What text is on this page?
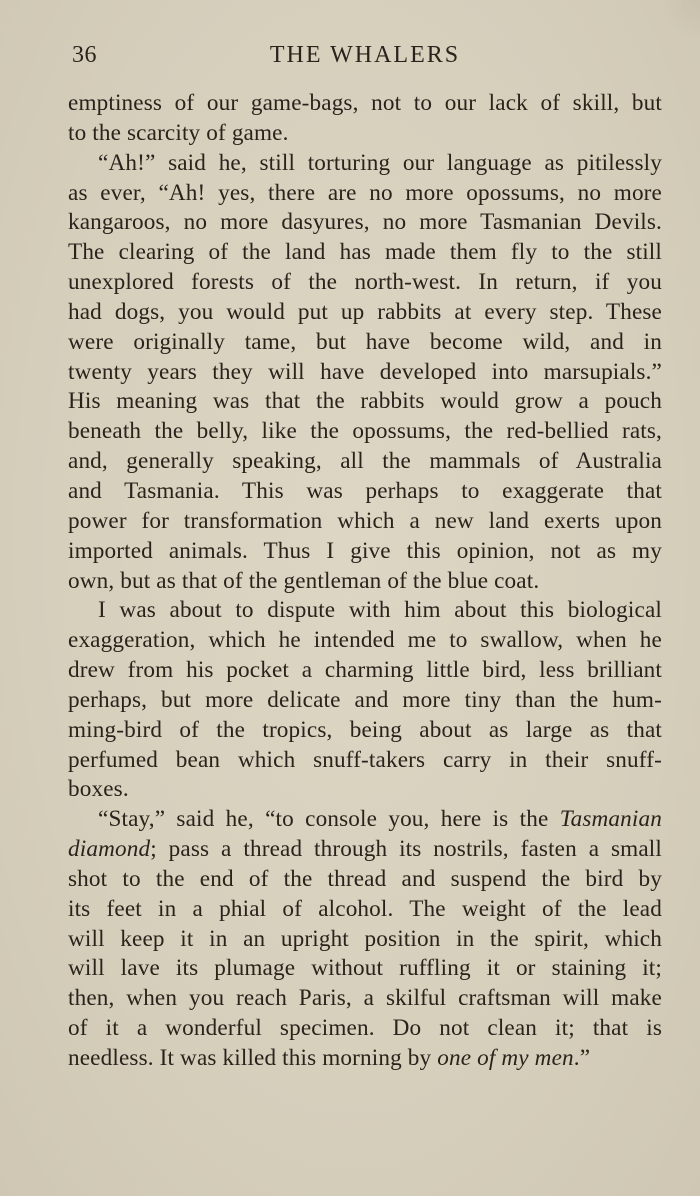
36	THE WHALERS

emptiness of our game-bags, not to our lack of skill, but

to the scarcity of game.

“Ah!” said he, still torturing our language as pitilessly

as ever, “Ah! yes, there are no more opossums, no more

kangaroos, no more dasyures, no more Tasmanian Devils.

The clearing of the land has made them fly to the still

unexplored forests of the north-west. In return, if you

had dogs, you would put up rabbits at every step. These

were originally tame, but have become wild, and in

twenty years they will have developed into marsupials.”

His meaning was that the rabbits would grow a pouch

beneath the belly, like the opossums, the red-bellied rats,

and, generally speaking, all the mammals of Australia

and Tasmania. This was perhaps to exaggerate that

power for transformation which a new land exerts upon

imported animals. Thus I give this opinion, not as my

own, but as that of the gentleman of the blue coat.

I was about to dispute with him about this biological

exaggeration, which he intended me to swallow, when he

drew from his pocket a charming little bird, less brilliant

perhaps, but more delicate and more tiny than the hum-

ming-bird of the tropics, being about as large as that

perfumed bean which snuff-takers carry in their snuff-

boxes.

“Stay,” said he, “to console you, here is the Tasmanian

diamond; pass a thread through its nostrils, fasten a small

shot to the end of the thread and suspend the bird by

its feet in a phial of alcohol. The weight of the lead

will keep it in an upright position in the spirit, which

will lave its plumage without ruffling it or staining it;

then, when you reach Paris, a skilful craftsman will make

of it a wonderful specimen. Do not clean it; that is

needless. It was killed this morning by one of my men.”
